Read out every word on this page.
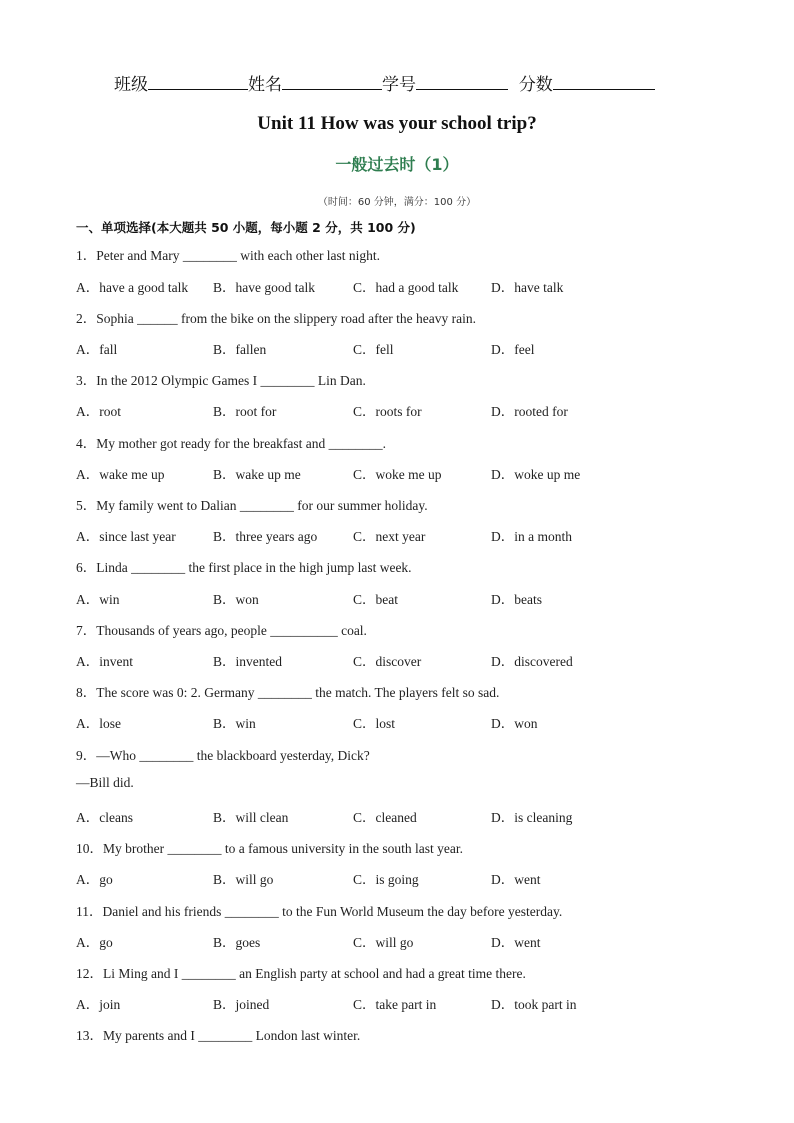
班级	姓名	学号	分数
Unit 11 How was your school trip?
一般过去时（1）
（时间：60 分钟，满分：100 分）
一、单项选择(本大题共 50 小题，每小题 2 分，共 100 分)
1．Peter and Mary ________ with each other last night.
A．have a good talk B．have good talk	C．had a good talk D．have talk
2．Sophia ______ from the bike on the slippery road after the heavy rain.
A．fall	B．fallen	C．fell	D．feel
3．In the 2012 Olympic Games I ________ Lin Dan.
A．root	B．root for	C．roots for	D．rooted for
4．My mother got ready for the breakfast and ________.
A．wake me up	B．wake up me	C．woke me up	D．woke up me
5．My family went to Dalian ________ for our summer holiday.
A．since last year	B．three years ago	C．next year	D．in a month
6．Linda ________ the first place in the high jump last week.
A．win	B．won	C．beat	D．beats
7．Thousands of years ago, people __________ coal.
A．invent	B．invented	C．discover	D．discovered
8．The score was 0: 2. Germany ________ the match. The players felt so sad.
A．lose	B．win	C．lost	D．won
9．—Who ________ the blackboard yesterday, Dick?
—Bill did.
A．cleans	B．will clean	C．cleaned	D．is cleaning
10．My brother ________ to a famous university in the south last year.
A．go	B．will go	C．is going	D．went
11．Daniel and his friends ________ to the Fun World Museum the day before yesterday.
A．go	B．goes	C．will go	D．went
12．Li Ming and I ________ an English party at school and had a great time there.
A．join	B．joined	C．take part in	D．took part in
13．My parents and I ________ London last winter.
